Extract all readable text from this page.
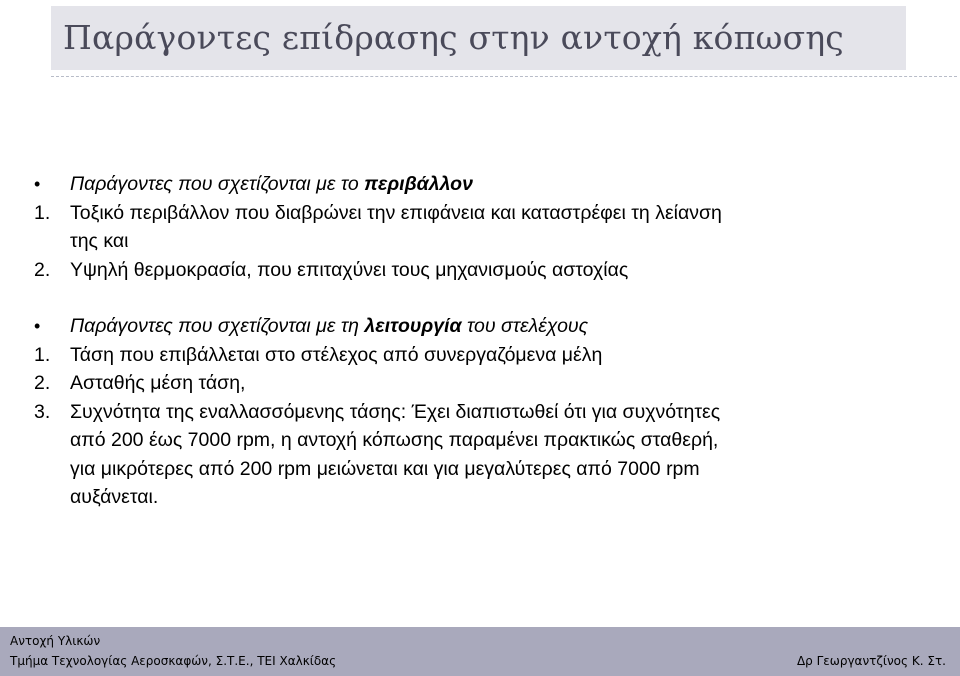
Παράγοντες επίδρασης στην αντοχή κόπωσης
•	Παράγοντες που σχετίζονται με το περιβάλλον
1.	Τοξικό περιβάλλον που διαβρώνει την επιφάνεια και καταστρέφει τη λείανση
της και
2.	Υψηλή θερμοκρασία, που επιταχύνει τους μηχανισμούς αστοχίας
•	Παράγοντες που σχετίζονται με τη λειτουργία του στελέχους
1.	Τάση που επιβάλλεται στο στέλεχος από συνεργαζόμενα μέλη
2.	Ασταθής μέση τάση,
3.	Συχνότητα της εναλλασσόμενης τάσης: Έχει διαπιστωθεί ότι για συχνότητες
από 200 έως 7000 rpm, η αντοχή κόπωσης παραμένει πρακτικώς σταθερή,
για μικρότερες από 200 rpm μειώνεται και για μεγαλύτερες από 7000 rpm
αυξάνεται.
Αντοχή Υλικών
Τμήμα Τεχνολογίας Αεροσκαφών, Σ.Τ.Ε., ΤΕΙ Χαλκίδας	Δρ Γεωργαντζίνος Κ. Στ.
